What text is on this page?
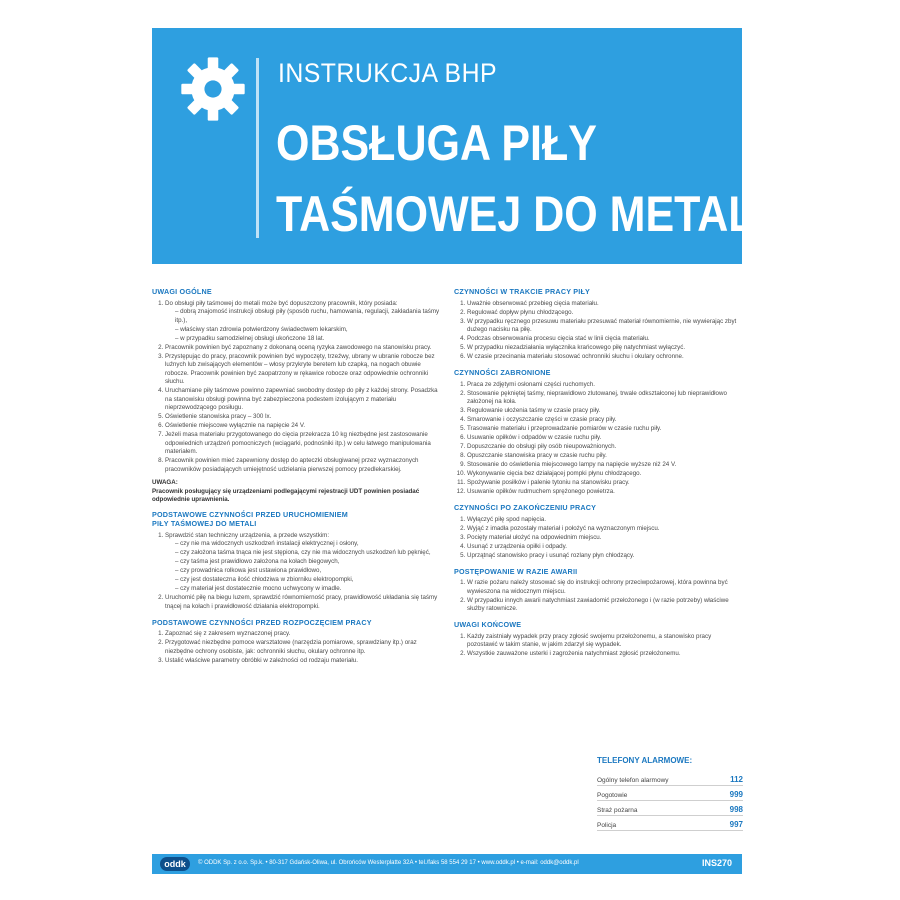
INSTRUKCJA BHP
OBSŁUGA PIŁY
TAŚMOWEJ DO METALI
UWAGI OGÓLNE
1. Do obsługi piły taśmowej do metali może być dopuszczony pracownik, który posiada:
– dobrą znajomość instrukcji obsługi piły (sposób ruchu, hamowania, regulacji, zakładania taśmy itp.),
– właściwy stan zdrowia potwierdzony świadectwem lekarskim,
– w przypadku samodzielnej obsługi ukończone 18 lat.
2. Pracownik powinien być zapoznany z dokonaną oceną ryzyka zawodowego na stanowisku pracy.
3. Przystępując do pracy, pracownik powinien być wypoczęty, trzeźwy, ubrany w ubranie robocze bez luźnych lub zwisających elementów – włosy przykryte beretem lub czapką, na nogach obuwie robocze. Pracownik powinien być zaopatrzony w rękawice robocze oraz odpowiednie ochronniki słuchu.
4. Uruchamiane piły taśmowe powinno zapewniać swobodny dostęp do piły z każdej strony. Posadzka na stanowisku obsługi powinna być zabezpieczona podestem izolującym z materiału nieprzewodzącego posiługu.
5. Oświetlenie stanowiska pracy – 300 lx.
6. Oświetlenie miejscowe wyłącznie na napięcie 24 V.
7. Jeżeli masa materiału przygotowanego do cięcia przekracza 10 kg niezbędne jest zastosowanie odpowiednich urządzeń pomocniczych (wciągarki, podnośniki itp.) w celu łatwego manipulowania materiałem.
8. Pracownik powinien mieć zapewniony dostęp do apteczki obsługiwanej przez wyznaczonych pracowników posiadających umiejętność udzielania pierwszej pomocy przedlekarskiej.
UWAGA:
Pracownik posługujący się urządzeniami podlegającymi rejestracji UDT powinien posiadać odpowiednie uprawnienia.
PODSTAWOWE CZYNNOŚCI PRZED URUCHOMIENIEM
PIŁY TAŚMOWEJ DO METALI
1. Sprawdzić stan techniczny urządzenia, a przede wszystkim:
– czy nie ma widocznych uszkodzeń instalacji elektrycznej i osłony,
– czy założona taśma tnąca nie jest stępiona, czy nie ma widocznych uszkodzeń lub pęknięć,
– czy taśma jest prawidłowo założona na kołach biegowych,
– czy prowadnica rolkowa jest ustawiona prawidłowo,
– czy jest dostateczna ilość chłodziwa w zbiorniku elektropompki,
– czy materiał jest dostatecznie mocno uchwycony w imadle.
2. Uruchomić piłę na biegu luzem, sprawdzić równomierność pracy, prawidłowość układania się taśmy tnącej na kołach i prawidłowość działania elektropompki.
PODSTAWOWE CZYNNOŚCI PRZED ROZPOCZĘCIEM PRACY
1. Zapoznać się z zakresem wyznaczonej pracy.
2. Przygotować niezbędne pomoce warsztatowe (narzędzia pomiarowe, sprawdziany itp.) oraz niezbędne ochrony osobiste, jak: ochronniki słuchu, okulary ochronne itp.
3. Ustalić właściwe parametry obróbki w zależności od rodzaju materiału.
CZYNNOŚCI W TRAKCIE PRACY PIŁY
1. Uważnie obserwować przebieg cięcia materiału.
2. Regulować dopływ płynu chłodzącego.
3. W przypadku ręcznego przesuwu materiału przesuwać materiał równomiernie, nie wywierając zbyt dużego nacisku na piłę.
4. Podczas obserwowania procesu cięcia stać w linii cięcia materiału.
5. W przypadku niezadziałania wyłącznika krańcowego piłę natychmiast wyłączyć.
6. W czasie przecinania materiału stosować ochronniki słuchu i okulary ochronne.
CZYNNOŚCI ZABRONIONE
1. Praca ze zdjętymi osłonami części ruchomych.
2. Stosowanie pękniętej taśmy, nieprawidłowo zlutowanej, trwale odkształconej lub nieprawidłowo założonej na koła.
3. Regulowanie ułożenia taśmy w czasie pracy piły.
4. Smarowanie i oczyszczanie części w czasie pracy piły.
5. Trasowanie materiału i przeprowadzanie pomiarów w czasie ruchu piły.
6. Usuwanie opiłków i odpadów w czasie ruchu piły.
7. Dopuszczanie do obsługi piły osób nieupoważnionych.
8. Opuszczanie stanowiska pracy w czasie ruchu piły.
9. Stosowanie do oświetlenia miejscowego lampy na napięcie wyższe niż 24 V.
10. Wykonywanie cięcia bez działającej pompki płynu chłodzącego.
11. Spożywanie posiłków i palenie tytoniu na stanowisku pracy.
12. Usuwanie opiłków rudmuchem sprężonego powietrza.
CZYNNOŚCI PO ZAKOŃCZENIU PRACY
1. Wyłączyć piłę spod napięcia.
2. Wyjąć z imadła pozostały materiał i położyć na wyznaczonym miejscu.
3. Pocięty materiał ułożyć na odpowiednim miejscu.
4. Usunąć z urządzenia opiłki i odpady.
5. Uprzątnąć stanowisko pracy i usunąć rozlany płyn chłodzący.
POSTĘPOWANIE W RAZIE AWARII
1. W razie pożaru należy stosować się do instrukcji ochrony przeciwpożarowej, która powinna być wywieszona na widocznym miejscu.
2. W przypadku innych awarii natychmiast zawiadomić przełożonego i (w razie potrzeby) właściwe służby ratownicze.
UWAGI KOŃCOWE
1. Każdy zaistniały wypadek przy pracy zgłosić swojemu przełożonemu, a stanowisko pracy pozostawić w takim stanie, w jakim zdarzył się wypadek.
2. Wszystkie zauważone usterki i zagrożenia natychmiast zgłosić przełożonemu.
TELEFONY ALARMOWE:
Ogólny telefon alarmowy	112
Pogotowie	999
Straż pożarna	998
Policja	997
oddk	© ODDK Sp. z o.o. Sp.k. • 80-317 Gdańsk-Oliwa, ul. Obrońców Westerplatte 32A • tel./faks 58 554 29 17 • www.oddk.pl • e-mail: oddk@oddk.pl	INS270
